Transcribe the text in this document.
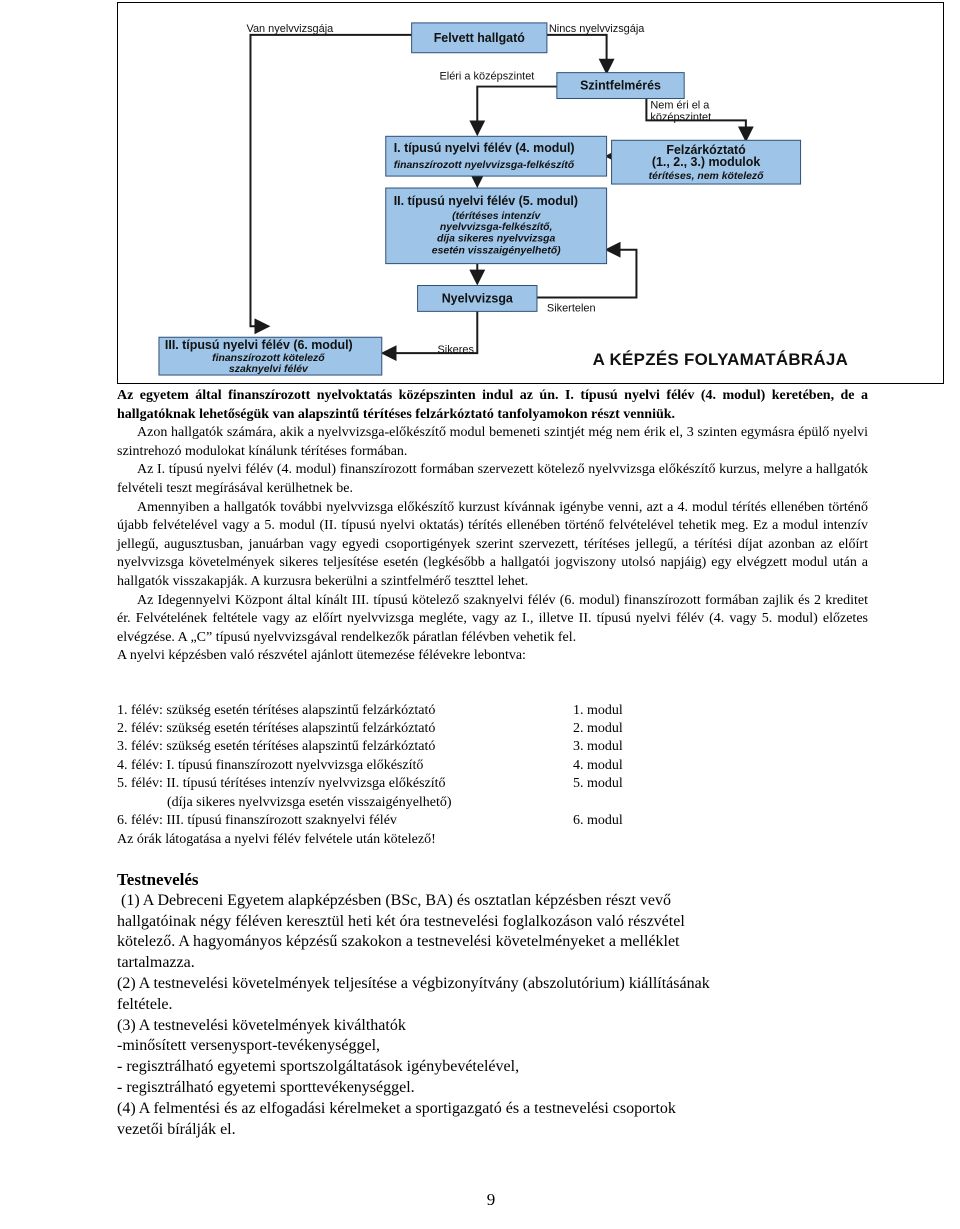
Van nyelvvizsgája	Nincs nyelvvizsgája
Eléri a középszintet
Nem éri el a
középszintet
Sikertelen
Sikeres
Felvett hallgató
Szintfelmérés
I. típusú nyelvi félév (4. modul)
finanszírozott nyelvvizsga-felkészítő
Felzárkóztató
(1., 2., 3.) modulok
térítéses, nem kötelező
II. típusú nyelvi félév (5. modul)
(térítéses intenzív
nyelvvizsga-felkészítő,
díja sikeres nyelvvizsga
esetén visszaigényelhető)
Nyelvvizsga
III. típusú nyelvi félév (6. modul)
finanszírozott kötelező
szaknyelvi félév
A KÉPZÉS FOLYAMATÁBRÁJA

Az egyetem által finanszírozott nyelvoktatás középszinten indul az ún. I. típusú nyelvi félév (4. modul) keretében, de a hallgatóknak lehetőségük van alapszintű térítéses felzárkóztató tanfolyamokon részt venniük.

Azon hallgatók számára, akik a nyelvvizsga-előkészítő modul bemeneti szintjét még nem érik el, 3 szinten egymásra épülő nyelvi szintrehozó modulokat kínálunk térítéses formában.

Az I. típusú nyelvi félév (4. modul) finanszírozott formában szervezett kötelező nyelvvizsga előkészítő kurzus, melyre a hallgatók felvételi teszt megírásával kerülhetnek be.

Amennyiben a hallgatók további nyelvvizsga előkészítő kurzust kívánnak igénybe venni, azt a 4. modul térítés ellenében történő újabb felvételével vagy a 5. modul (II. típusú nyelvi oktatás) térítés ellenében történő felvételével tehetik meg. Ez a modul intenzív jellegű, augusztusban, januárban vagy egyedi csoportigények szerint szervezett, térítéses jellegű, a térítési díjat azonban az előírt nyelvvizsga követelmények sikeres teljesítése esetén (legkésőbb a hallgatói jogviszony utolsó napjáig) egy elvégzett modul után a hallgatók visszakapják. A kurzusra bekerülni a szintfelmérő teszttel lehet.

Az Idegennyelvi Központ által kínált III. típusú kötelező szaknyelvi félév (6. modul) finanszírozott formában zajlik és 2 kreditet ér. Felvételének feltétele vagy az előírt nyelvvizsga megléte, vagy az I., illetve II. típusú nyelvi félév (4. vagy 5. modul) előzetes elvégzése. A „C” típusú nyelvvizsgával rendelkezők páratlan félévben vehetik fel.

A nyelvi képzésben való részvétel ajánlott ütemezése félévekre lebontva:

1. félév: szükség esetén térítéses alapszintű felzárkóztató	1. modul
2. félév: szükség esetén térítéses alapszintű felzárkóztató	2. modul
3. félév: szükség esetén térítéses alapszintű felzárkóztató	3. modul
4. félév: I. típusú finanszírozott nyelvvizsga előkészítő	4. modul
5. félév: II. típusú térítéses intenzív nyelvvizsga előkészítő	5. modul
(díja sikeres nyelvvizsga esetén visszaigényelhető)
6. félév: III. típusú finanszírozott szaknyelvi félév	6. modul
Az órák látogatása a nyelvi félév felvétele után kötelező!

Testnevelés

(1) A Debreceni Egyetem alapképzésben (BSc, BA) és osztatlan képzésben részt vevő

hallgatóinak négy féléven keresztül heti két óra testnevelési foglalkozáson való részvétel

kötelező. A hagyományos képzésű szakokon a testnevelési követelményeket a melléklet

tartalmazza.

(2) A testnevelési követelmények teljesítése a végbizonyítvány (abszolutórium) kiállításának

feltétele.

(3) A testnevelési követelmények kiválthatók

-minősített versenysport-tevékenységgel,

- regisztrálható egyetemi sportszolgáltatások igénybevételével,

- regisztrálható egyetemi sporttevékenységgel.

(4) A felmentési és az elfogadási kérelmeket a sportigazgató és a testnevelési csoportok

vezetői bírálják el.

9
